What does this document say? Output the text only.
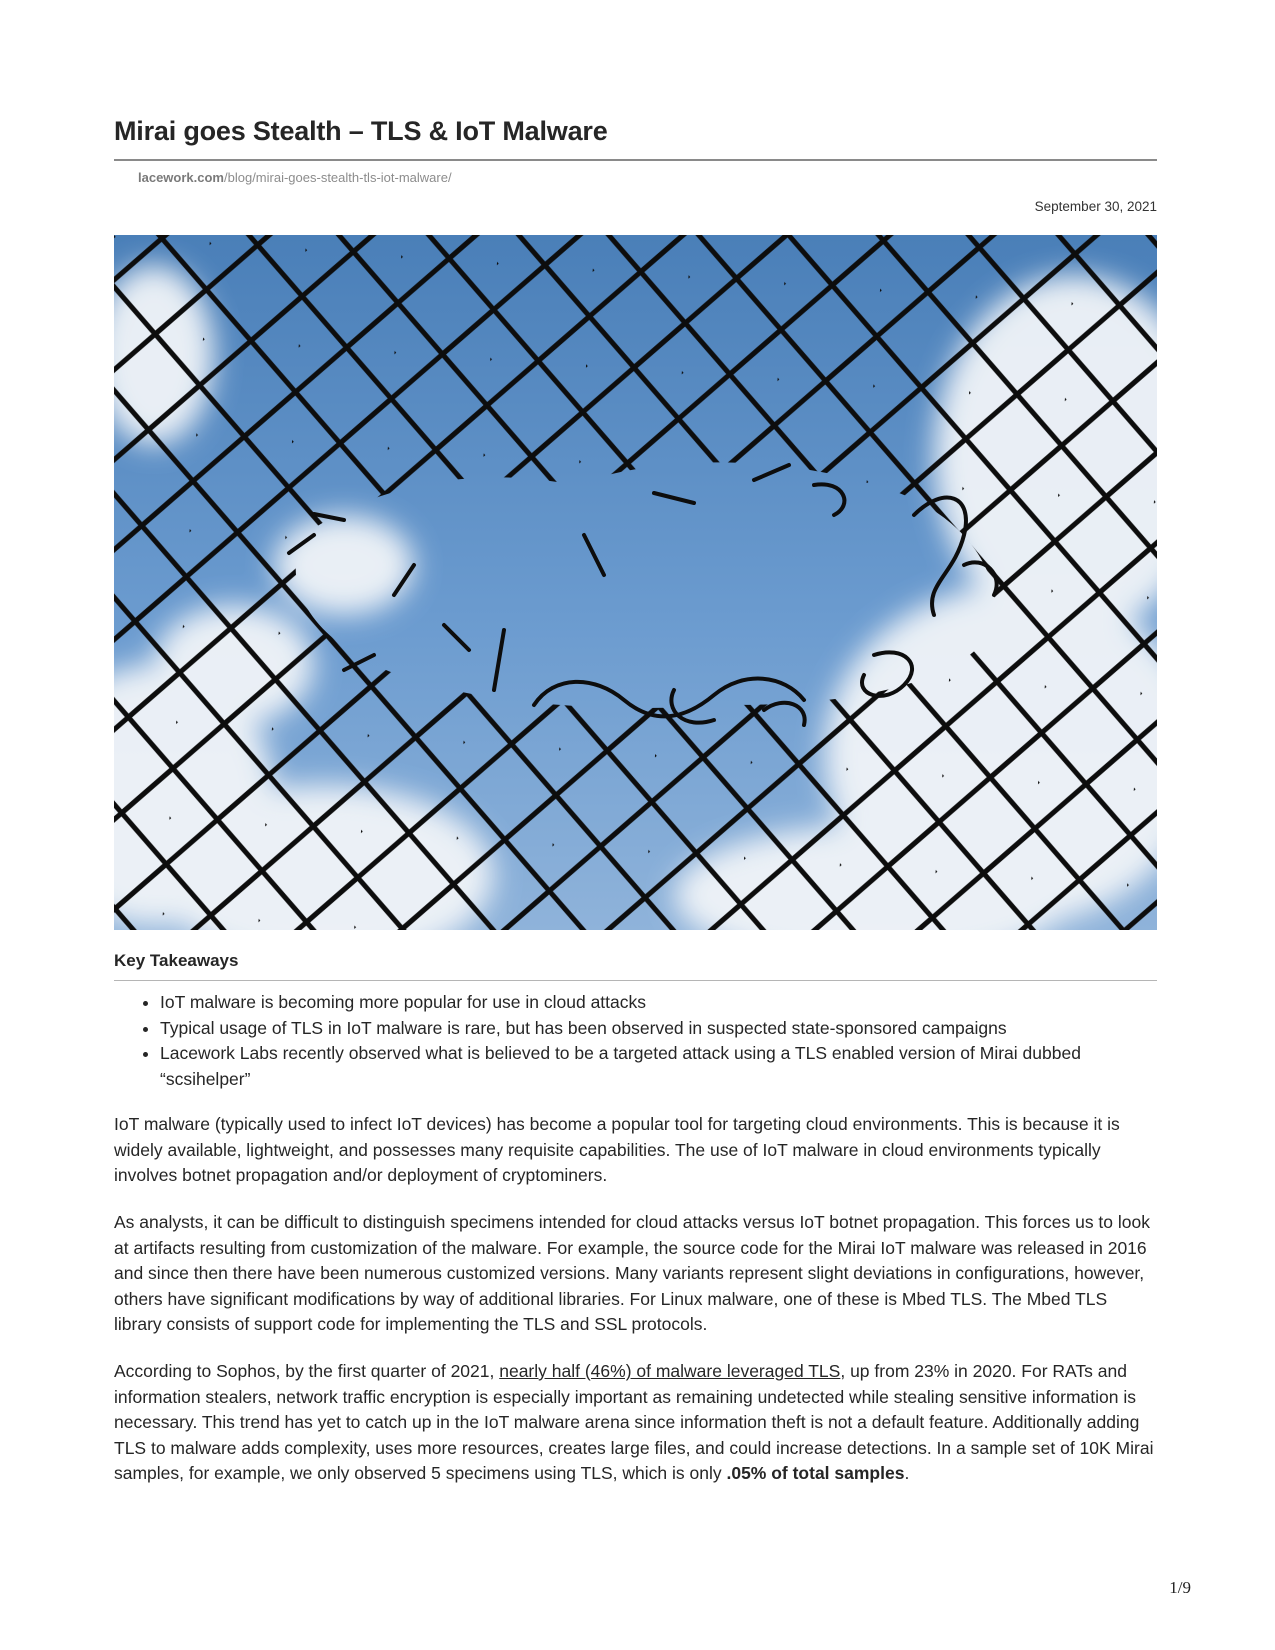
Mirai goes Stealth – TLS & IoT Malware
lacework.com/blog/mirai-goes-stealth-tls-iot-malware/
September 30, 2021
Key Takeaways
• IoT malware is becoming more popular for use in cloud attacks
• Typical usage of TLS in IoT malware is rare, but has been observed in suspected state-sponsored campaigns
• Lacework Labs recently observed what is believed to be a targeted attack using a TLS enabled version of Mirai dubbed “scsihelper”

IoT malware (typically used to infect IoT devices) has become a popular tool for targeting cloud environments. This is because it is widely available, lightweight, and possesses many requisite capabilities. The use of IoT malware in cloud environments typically involves botnet propagation and/or deployment of cryptominers.

As analysts, it can be difficult to distinguish specimens intended for cloud attacks versus IoT botnet propagation. This forces us to look at artifacts resulting from customization of the malware. For example, the source code for the Mirai IoT malware was released in 2016 and since then there have been numerous customized versions. Many variants represent slight deviations in configurations, however, others have significant modifications by way of additional libraries. For Linux malware, one of these is Mbed TLS. The Mbed TLS library consists of support code for implementing the TLS and SSL protocols.

According to Sophos, by the first quarter of 2021, nearly half (46%) of malware leveraged TLS, up from 23% in 2020. For RATs and information stealers, network traffic encryption is especially important as remaining undetected while stealing sensitive information is necessary. This trend has yet to catch up in the IoT malware arena since information theft is not a default feature. Additionally adding TLS to malware adds complexity, uses more resources, creates large files, and could increase detections. In a sample set of 10K Mirai samples, for example, we only observed 5 specimens using TLS, which is only .05% of total samples.

1/9
